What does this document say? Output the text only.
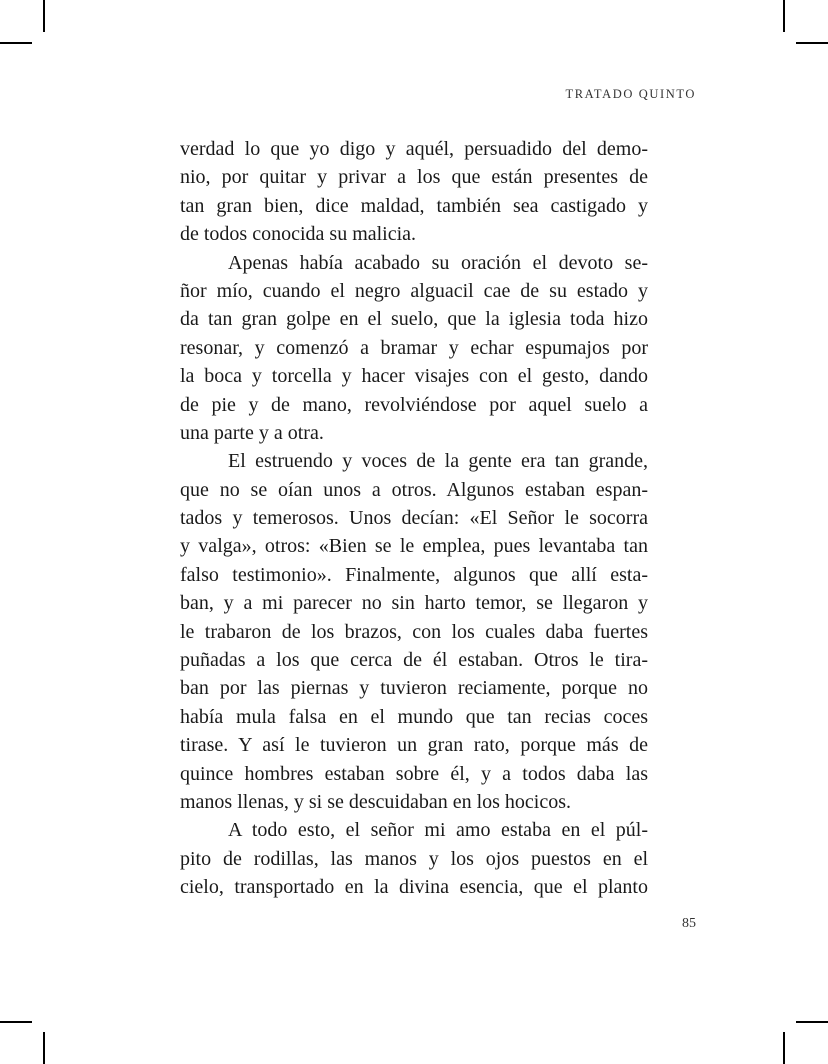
TRATADO QUINTO
verdad lo que yo digo y aquél, persuadido del demo-
nio, por quitar y privar a los que están presentes de
tan gran bien, dice maldad, también sea castigado y
de todos conocida su malicia.
Apenas había acabado su oración el devoto se-
ñor mío, cuando el negro alguacil cae de su estado y
da tan gran golpe en el suelo, que la iglesia toda hizo
resonar, y comenzó a bramar y echar espumajos por
la boca y torcella y hacer visajes con el gesto, dando
de pie y de mano, revolviéndose por aquel suelo a
una parte y a otra.
El estruendo y voces de la gente era tan grande,
que no se oían unos a otros. Algunos estaban espan-
tados y temerosos. Unos decían: «El Señor le socorra
y valga», otros: «Bien se le emplea, pues levantaba tan
falso testimonio». Finalmente, algunos que allí esta-
ban, y a mi parecer no sin harto temor, se llegaron y
le trabaron de los brazos, con los cuales daba fuertes
puñadas a los que cerca de él estaban. Otros le tira-
ban por las piernas y tuvieron reciamente, porque no
había mula falsa en el mundo que tan recias coces
tirase. Y así le tuvieron un gran rato, porque más de
quince hombres estaban sobre él, y a todos daba las
manos llenas, y si se descuidaban en los hocicos.
A todo esto, el señor mi amo estaba en el púl-
pito de rodillas, las manos y los ojos puestos en el
cielo, transportado en la divina esencia, que el planto
85
